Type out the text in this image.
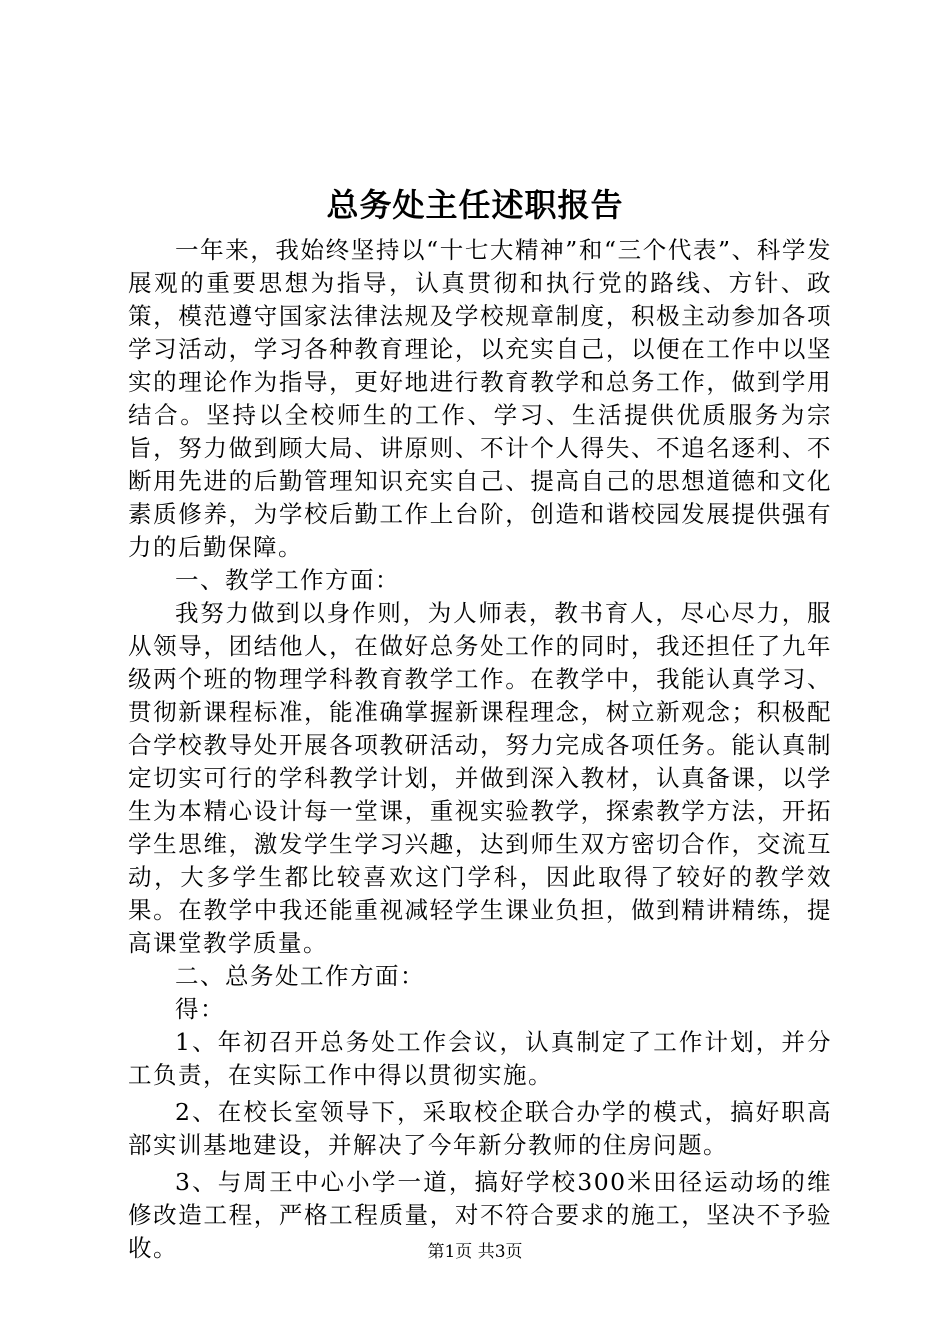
总务处主任述职报告

一年来，我始终坚持以“十七大精神”和“三个代表”、科学发展观的重要思想为指导，认真贯彻和执行党的路线、方针、政策，模范遵守国家法律法规及学校规章制度，积极主动参加各项学习活动，学习各种教育理论，以充实自己，以便在工作中以坚实的理论作为指导，更好地进行教育教学和总务工作，做到学用结合。坚持以全校师生的工作、学习、生活提供优质服务为宗旨，努力做到顾大局、讲原则、不计个人得失、不追名逐利、不断用先进的后勤管理知识充实自己、提高自己的思想道德和文化素质修养，为学校后勤工作上台阶，创造和谐校园发展提供强有力的后勤保障。

一、教学工作方面：

我努力做到以身作则，为人师表，教书育人，尽心尽力，服从领导，团结他人，在做好总务处工作的同时，我还担任了九年级两个班的物理学科教育教学工作。在教学中，我能认真学习、贯彻新课程标准，能准确掌握新课程理念，树立新观念；积极配合学校教导处开展各项教研活动，努力完成各项任务。能认真制定切实可行的学科教学计划，并做到深入教材，认真备课，以学生为本精心设计每一堂课，重视实验教学，探索教学方法，开拓学生思维，激发学生学习兴趣，达到师生双方密切合作，交流互动，大多学生都比较喜欢这门学科，因此取得了较好的教学效果。在教学中我还能重视减轻学生课业负担，做到精讲精练，提高课堂教学质量。

二、总务处工作方面：

得：

1、年初召开总务处工作会议，认真制定了工作计划，并分工负责，在实际工作中得以贯彻实施。

2、在校长室领导下，采取校企联合办学的模式，搞好职高部实训基地建设，并解决了今年新分教师的住房问题。

3、与周王中心小学一道，搞好学校300米田径运动场的维修改造工程，严格工程质量，对不符合要求的施工，坚决不予验收。	第1页 共3页
